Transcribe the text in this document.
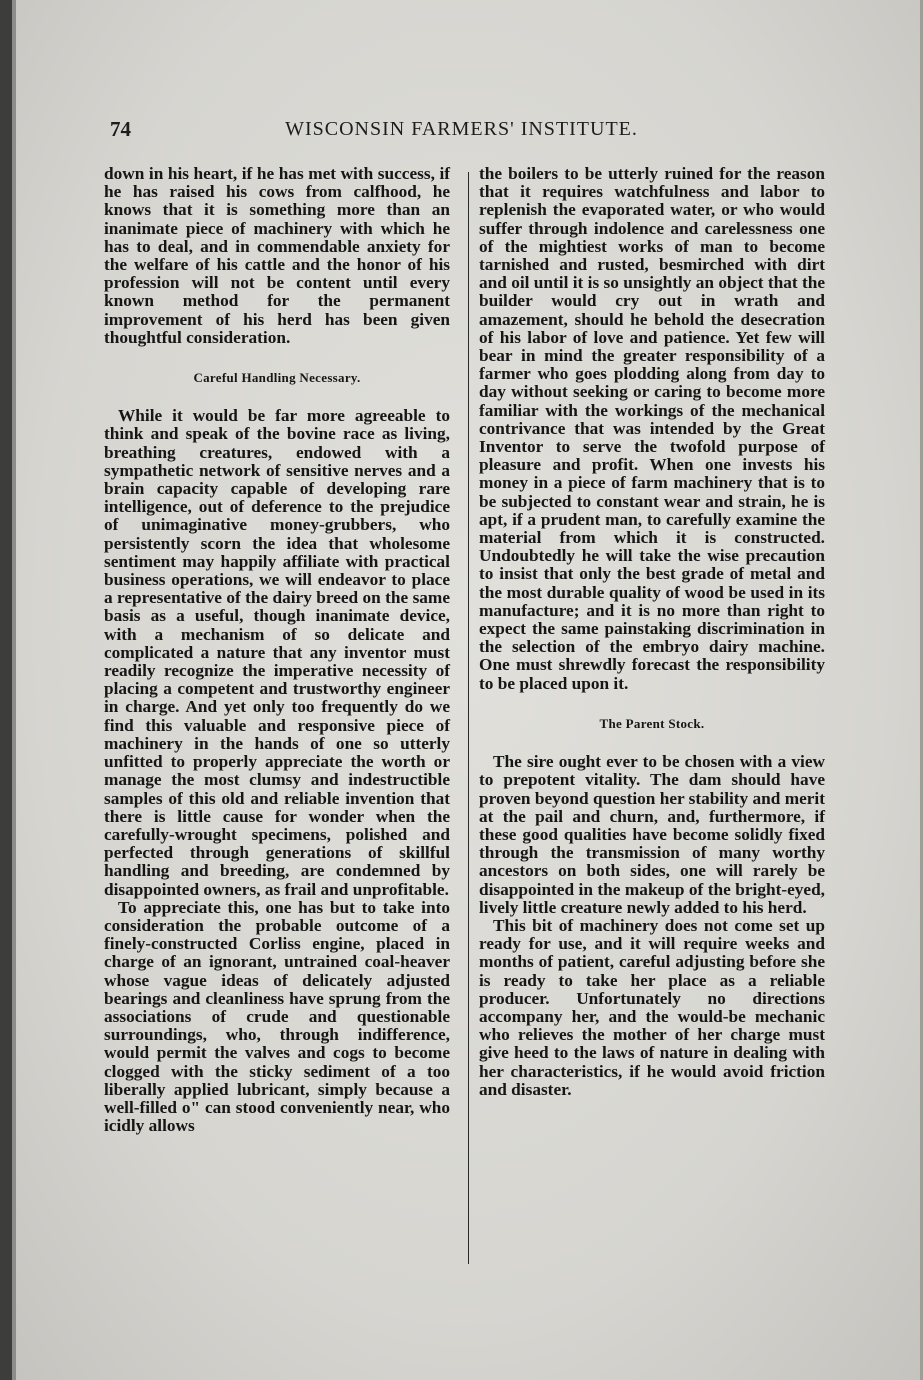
74	WISCONSIN FARMERS' INSTITUTE.

down in his heart, if he has met with success, if he has raised his cows from calfhood, he knows that it is something more than an inanimate piece of machinery with which he has to deal, and in commendable anxiety for the welfare of his cattle and the honor of his profession will not be content until every known method for the permanent improvement of his herd has been given thoughtful consideration.

Careful Handling Necessary.

While it would be far more agreeable to think and speak of the bovine race as living, breathing creatures, endowed with a sympathetic network of sensitive nerves and a brain capacity capable of developing rare intelligence, out of deference to the prejudice of unimaginative money-grubbers, who persistently scorn the idea that wholesome sentiment may happily affiliate with practical business operations, we will endeavor to place a representative of the dairy breed on the same basis as a useful, though inanimate device, with a mechanism of so delicate and complicated a nature that any inventor must readily recognize the imperative necessity of placing a competent and trustworthy engineer in charge. And yet only too frequently do we find this valuable and responsive piece of machinery in the hands of one so utterly unfitted to properly appreciate the worth or manage the most clumsy and indestructible samples of this old and reliable invention that there is little cause for wonder when the carefully-wrought specimens, polished and perfected through generations of skillful handling and breeding, are condemned by disappointed owners, as frail and unprofitable.

To appreciate this, one has but to take into consideration the probable outcome of a finely-constructed Corliss engine, placed in charge of an ignorant, untrained coal-heaver whose vague ideas of delicately adjusted bearings and cleanliness have sprung from the associations of crude and questionable surroundings, who, through indifference, would permit the valves and cogs to become clogged with the sticky sediment of a too liberally applied lubricant, simply because a well-filled o" can stood conveniently near, who icidly allows

the boilers to be utterly ruined for the reason that it requires watchfulness and labor to replenish the evaporated water, or who would suffer through indolence and carelessness one of the mightiest works of man to become tarnished and rusted, besmirched with dirt and oil until it is so unsightly an object that the builder would cry out in wrath and amazement, should he behold the desecration of his labor of love and patience. Yet few will bear in mind the greater responsibility of a farmer who goes plodding along from day to day without seeking or caring to become more familiar with the workings of the mechanical contrivance that was intended by the Great Inventor to serve the twofold purpose of pleasure and profit. When one invests his money in a piece of farm machinery that is to be subjected to constant wear and strain, he is apt, if a prudent man, to carefully examine the material from which it is constructed. Undoubtedly he will take the wise precaution to insist that only the best grade of metal and the most durable quality of wood be used in its manufacture; and it is no more than right to expect the same painstaking discrimination in the selection of the embryo dairy machine. One must shrewdly forecast the responsibility to be placed upon it.

The Parent Stock.

The sire ought ever to be chosen with a view to prepotent vitality. The dam should have proven beyond question her stability and merit at the pail and churn, and, furthermore, if these good qualities have become solidly fixed through the transmission of many worthy ancestors on both sides, one will rarely be disappointed in the makeup of the bright-eyed, lively little creature newly added to his herd.

This bit of machinery does not come set up ready for use, and it will require weeks and months of patient, careful adjusting before she is ready to take her place as a reliable producer. Unfortunately no directions accompany her, and the would-be mechanic who relieves the mother of her charge must give heed to the laws of nature in dealing with her characteristics, if he would avoid friction and disaster.
